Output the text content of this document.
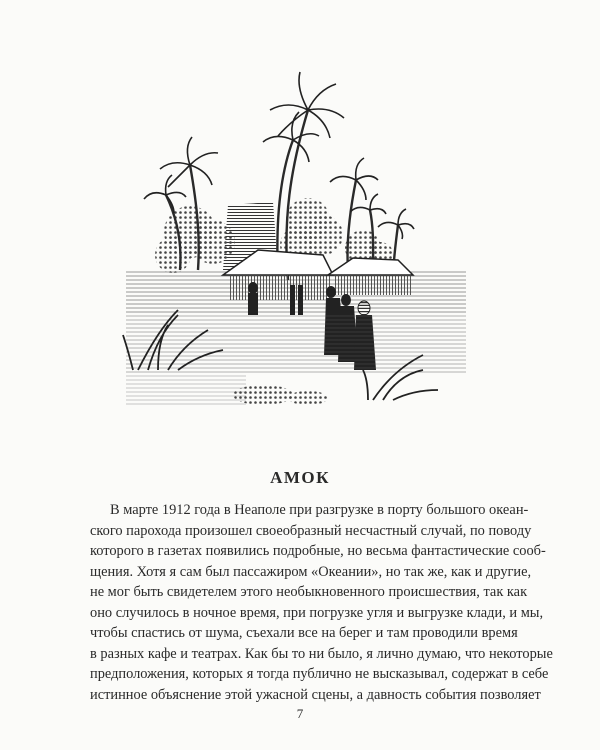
АМОК
В марте 1912 года в Неаполе при разгрузке в порту большого океан-
ского парохода произошел своеобразный несчастный случай, по поводу
которого в газетах появились подробные, но весьма фантастические сооб-
щения. Хотя я сам был пассажиром «Океании», но так же, как и другие,
не мог быть свидетелем этого необыкновенного происшествия, так как
оно случилось в ночное время, при погрузке угля и выгрузке клади, и мы,
чтобы спастись от шума, съехали все на берег и там проводили время
в разных кафе и театрах. Как бы то ни было, я лично думаю, что некоторые
предположения, которых я тогда публично не высказывал, содержат в себе
истинное объяснение этой ужасной сцены, а давность события позволяет
7
